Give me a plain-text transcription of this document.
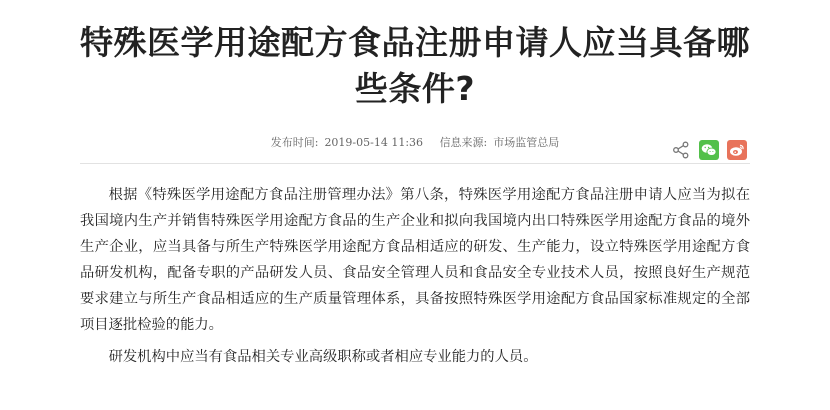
特殊医学用途配方食品注册申请人应当具备哪
些条件?
发布时间: 2019-05-14 11:36 信息来源: 市场监管总局

根据《特殊医学用途配方食品注册管理办法》第八条，特殊医学用途配方食品注册申请人应当为拟在我国境内生产并销售特殊医学用途配方食品的生产企业和拟向我国境内出口特殊医学用途配方食品的境外生产企业，应当具备与所生产特殊医学用途配方食品相适应的研发、生产能力，设立特殊医学用途配方食品研发机构，配备专职的产品研发人员、食品安全管理人员和食品安全专业技术人员，按照良好生产规范要求建立与所生产食品相适应的生产质量管理体系，具备按照特殊医学用途配方食品国家标准规定的全部项目逐批检验的能力。

研发机构中应当有食品相关专业高级职称或者相应专业能力的人员。
